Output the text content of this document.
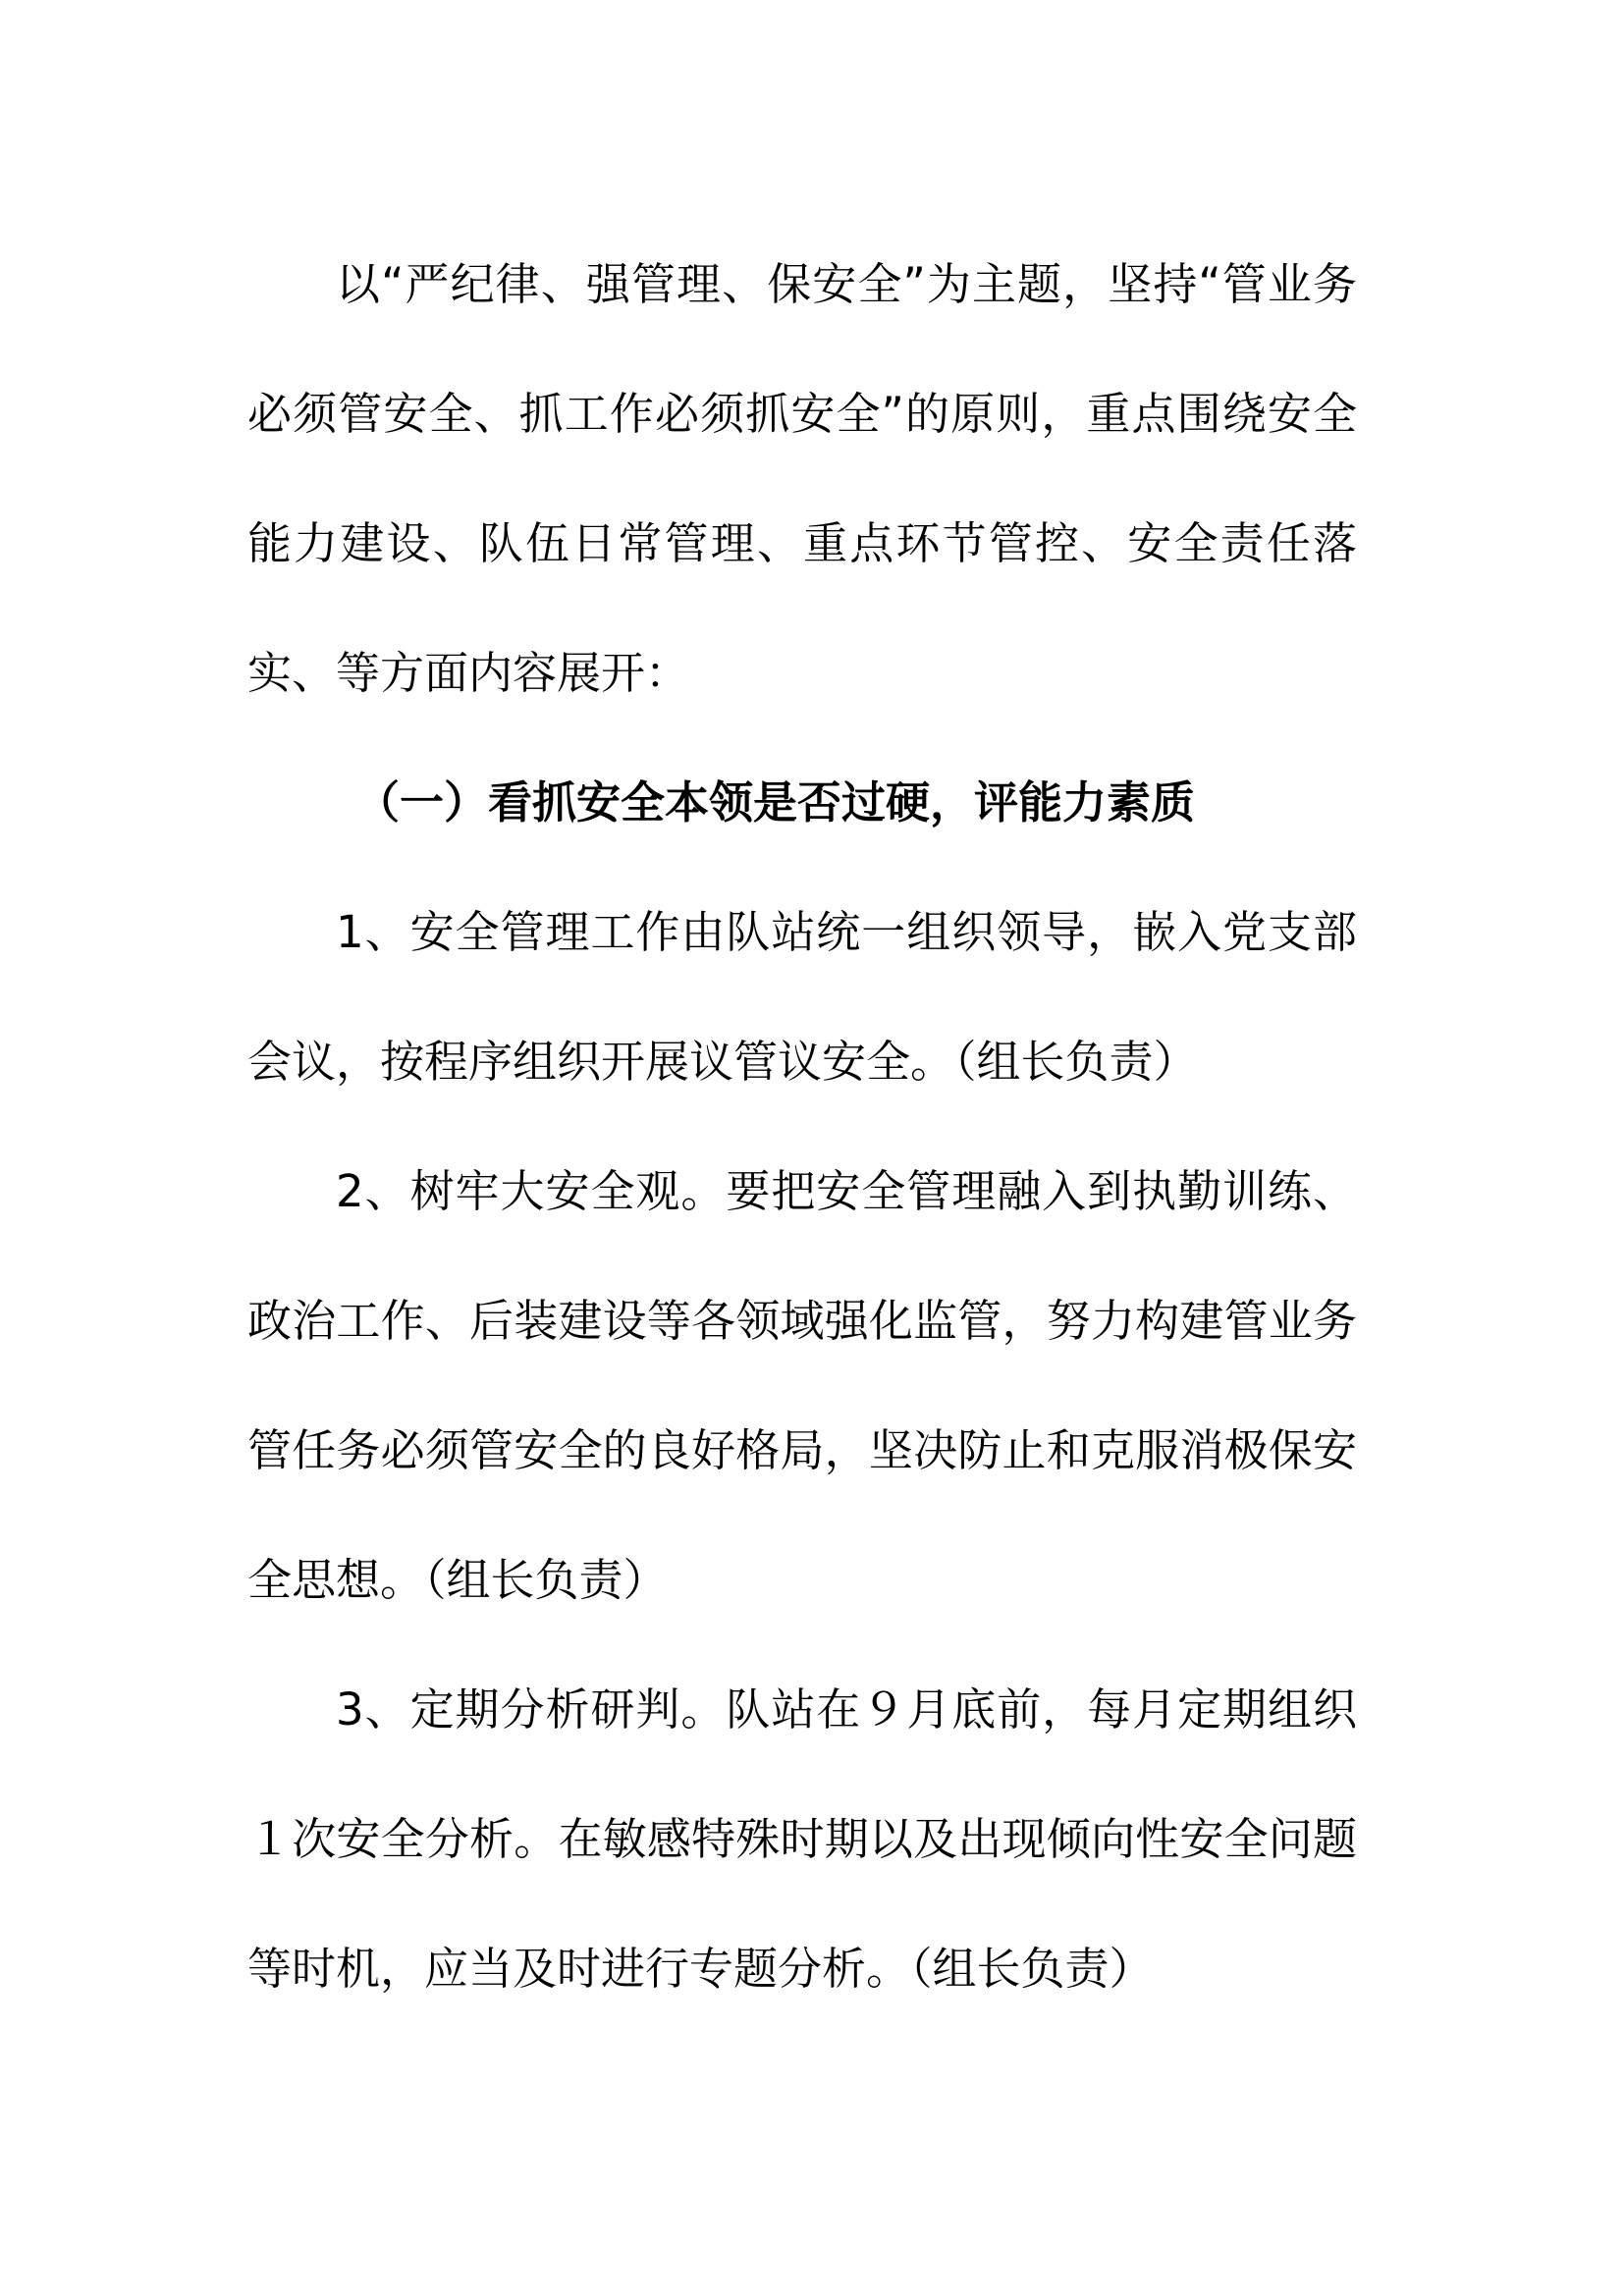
以“严纪律、强管理、保安全”为主题，坚持“管业务必须管安全、抓工作必须抓安全”的原则，重点围绕安全能力建设、队伍日常管理、重点环节管控、安全责任落实、等方面内容展开：

（一）看抓安全本领是否过硬，评能力素质

1、安全管理工作由队站统一组织领导，嵌入党支部会议，按程序组织开展议管议安全。（组长负责）

2、树牢大安全观。要把安全管理融入到执勤训练、政治工作、后装建设等各领域强化监管，努力构建管业务管任务必须管安全的良好格局，坚决防止和克服消极保安全思想。（组长负责）

3、定期分析研判。队站在９月底前，每月定期组织１次安全分析。在敏感特殊时期以及出现倾向性安全问题等时机，应当及时进行专题分析。（组长负责）
